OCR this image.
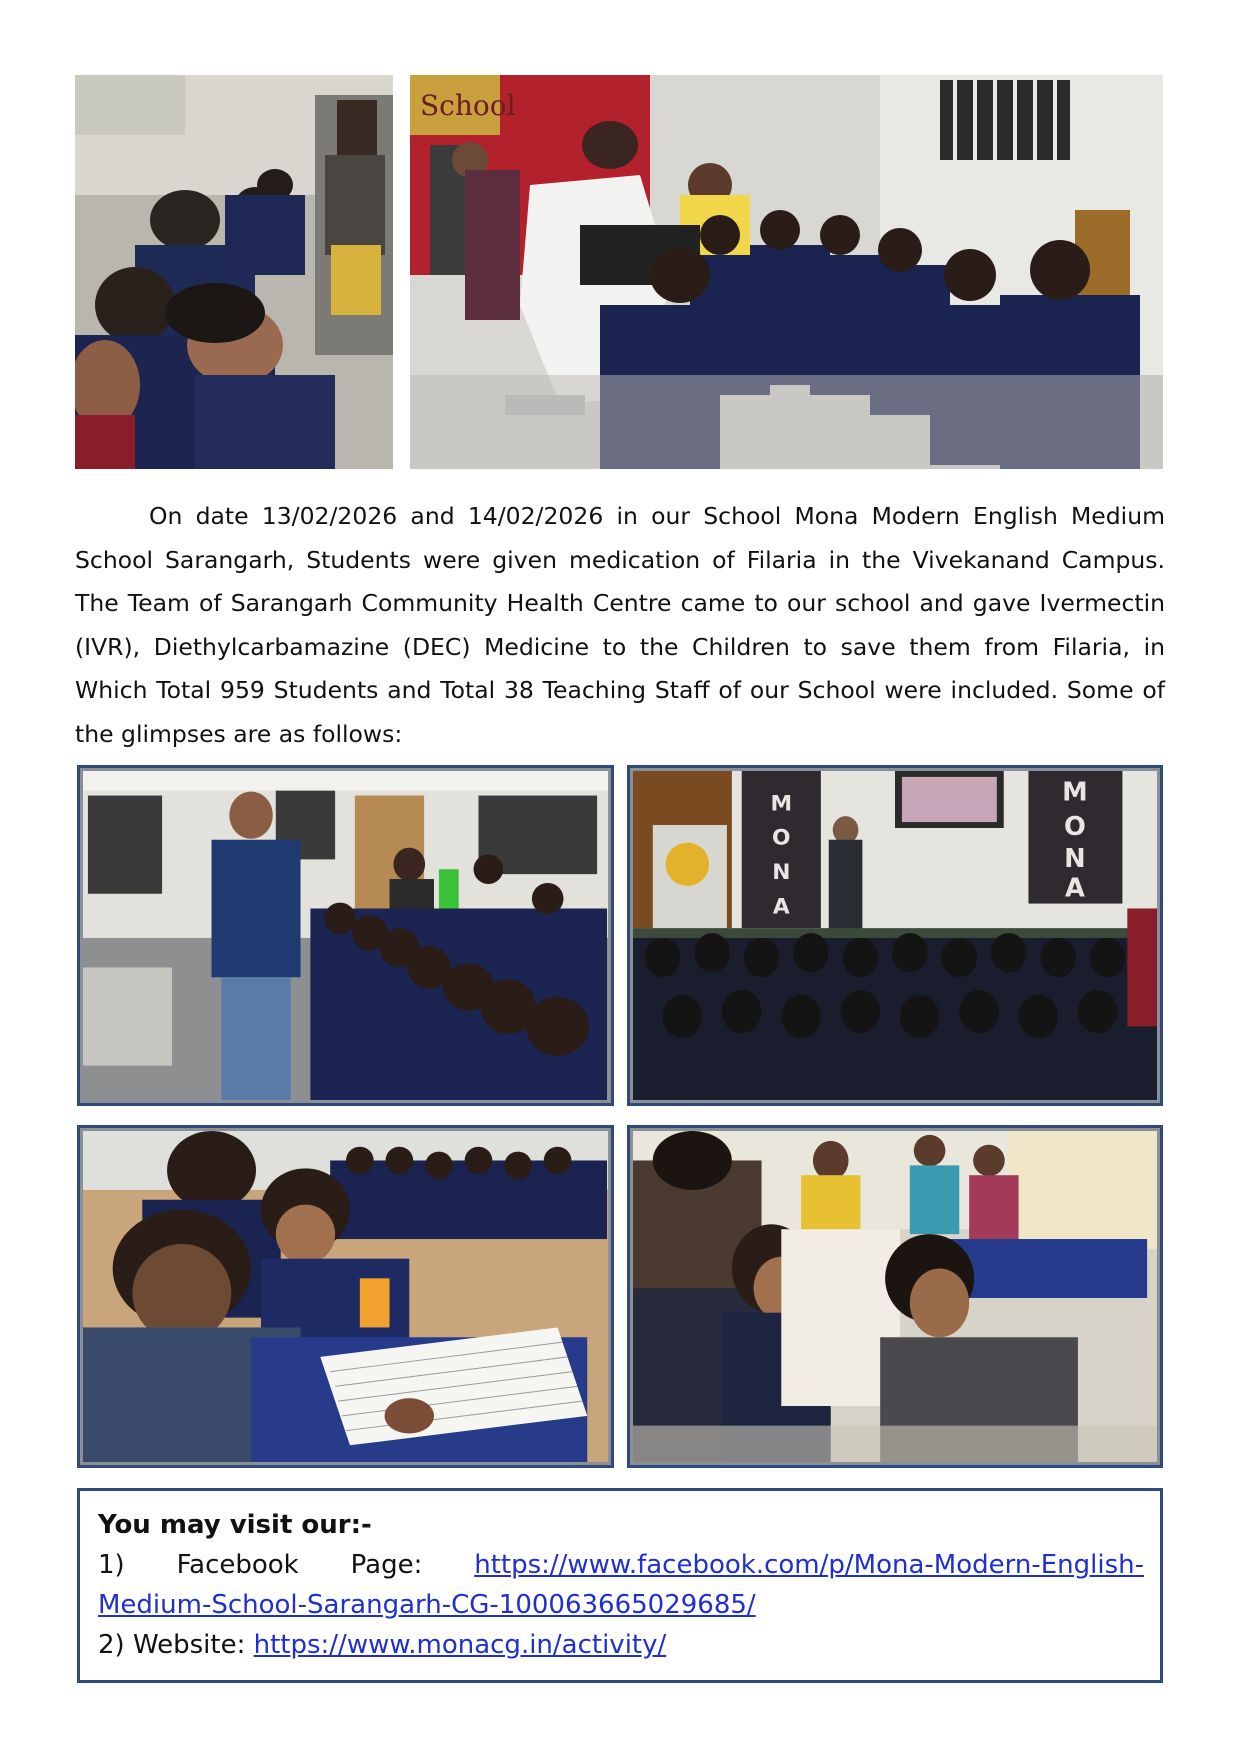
School

On date 13/02/2026 and 14/02/2026 in our School Mona Modern English Medium School Sarangarh, Students were given medication of Filaria in the Vivekanand Campus. The Team of Sarangarh Community Health Centre came to our school and gave Ivermectin (IVR), Diethylcarbamazine (DEC) Medicine to the Children to save them from Filaria, in Which Total 959 Students and Total 38 Teaching Staff of our School were included. Some of the glimpses are as follows:

M
O
N
A
M
O
N
A

You may visit our:-

1) Facebook Page: https://www.facebook.com/p/Mona-Modern-English-

Medium-School-Sarangarh-CG-100063665029685/

2) Website: https://www.monacg.in/activity/
